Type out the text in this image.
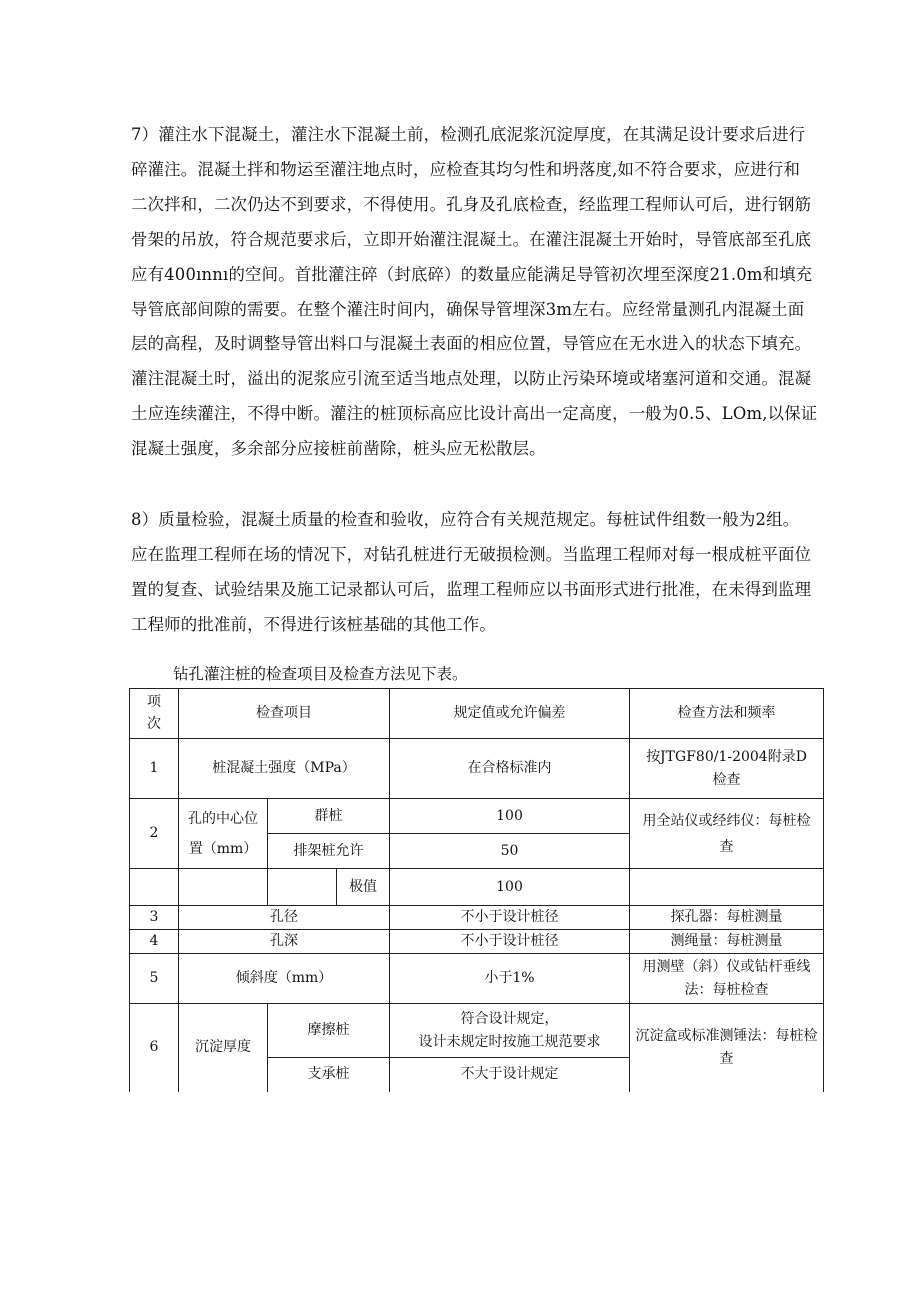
7）灌注水下混凝土，灌注水下混凝土前，检测孔底泥浆沉淀厚度，在其满足设计要求后进行
碎灌注。混凝土拌和物运至灌注地点时，应检查其均匀性和坍落度,如不符合要求，应进行和
二次拌和，二次仍达不到要求，不得使用。孔身及孔底检查，经监理工程师认可后，进行钢筋
骨架的吊放，符合规范要求后，立即开始灌注混凝土。在灌注混凝土开始时，导管底部至孔底
应有400ınnı的空间。首批灌注碎（封底碎）的数量应能满足导管初次埋至深度21.0m和填充
导管底部间隙的需要。在整个灌注时间内，确保导管埋深3m左右。应经常量测孔内混凝土面
层的高程，及时调整导管出料口与混凝土表面的相应位置，导管应在无水进入的状态下填充。
灌注混凝土时，溢出的泥浆应引流至适当地点处理，以防止污染环境或堵塞河道和交通。混凝
土应连续灌注，不得中断。灌注的桩顶标高应比设计高出一定高度，一般为0.5、LOm,以保证
混凝土强度，多余部分应接桩前凿除，桩头应无松散层。
8）质量检验，混凝土质量的检查和验收，应符合有关规范规定。每桩试件组数一般为2组。
应在监理工程师在场的情况下，对钻孔桩进行无破损检测。当监理工程师对每一根成桩平面位
置的复查、试验结果及施工记录都认可后，监理工程师应以书面形式进行批准，在未得到监理
工程师的批准前，不得进行该桩基础的其他工作。
钻孔灌注桩的检查项目及检查方法见下表。
项次	检查项目			规定值或允许偏差	检查方法和频率
1	桩混凝土强度（MPa）			在合格标准内	按JTGF80/1-2004附录D检查
2	孔的中心位置（mm）	群桩		100	用全站仪或经纬仪：每桩检查
		排架桩允许		50	
			极值	100	
3	孔径			不小于设计桩径	探孔器：每桩测量
4	孔深			不小于设计桩径	测绳量：每桩测量
5	倾斜度（mm）			小于1%	用测壁（斜）仪或钻杆垂线法：每桩检查
6	沉淀厚度	摩擦桩		符合设计规定，
设计未规定时按施工规范要求	沉淀盒或标准测锤法：每桩检查
		支承桩		不大于设计规定	
